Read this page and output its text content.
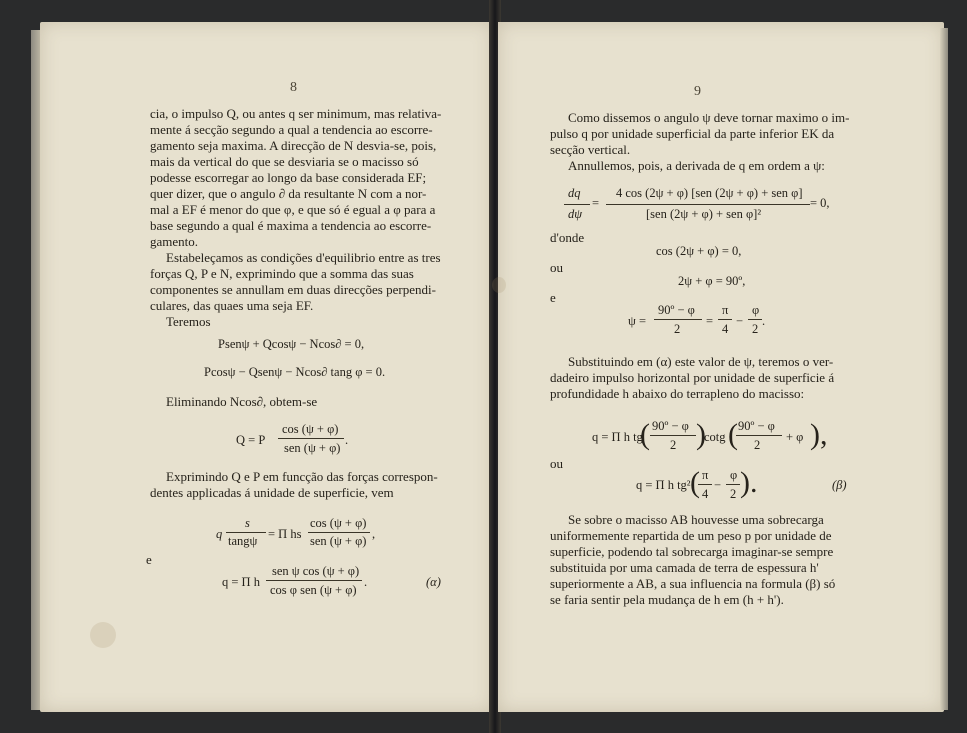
8
cia, o impulso Q, ou antes q ser minimum, mas relativa-
mente á secção segundo a qual a tendencia ao escorre-
gamento seja maxima. A direcção de N desvia-se, pois,
mais da vertical do que se desviaria se o macisso só
podesse escorregar ao longo da base considerada EF;
quer dizer, que o angulo ∂ da resultante N com a nor-
mal a EF é menor do que φ, e que só é egual a φ para a
base segundo a qual é maxima a tendencia ao escorre-
gamento.
Estabeleçamos as condições d'equilibrio entre as tres
forças Q, P e N, exprimindo que a somma das suas
componentes se annullam em duas direcções perpendi-
culares, das quaes uma seja EF.
Teremos
Psenψ + Qcosψ − Ncos∂ = 0,
Pcosψ − Qsenψ − Ncos∂ tang φ = 0.
Eliminando Ncos∂, obtem-se
Q = P
cos (ψ + φ)
sen (ψ + φ)
.
Exprimindo Q e P em funcção das forças correspon-
dentes applicadas á unidade de superficie, vem
q
s
tangψ = Π hs
cos (ψ + φ)
sen (ψ + φ) ,
e
q = Π h
sen ψ cos (ψ + φ)
cos φ sen (ψ + φ)
.	(α)
9
Como dissemos o angulo ψ deve tornar maximo o im-
pulso q por unidade superficial da parte inferior EK da
secção vertical.
Annullemos, pois, a derivada de q em ordem a ψ:
dq
dψ
=
4 cos (2ψ + φ) [sen (2ψ + φ) + sen φ]
[sen (2ψ + φ) + sen φ]²
= 0,
d'onde
cos (2ψ + φ) = 0,
ou
2ψ + φ = 90º,
e
ψ =
90º − φ
2
=
π
4
−
φ
2
.
Substituindo em (α) este valor de ψ, teremos o ver-
dadeiro impulso horizontal por unidade de superficie á
profundidade h abaixo do terrapleno do macisso:
q = Π h tg
( 90º − φ
2 )
cotg ( 90º − φ
2
+ φ ),
ou
q = Π h tg² ( π
4
−
φ
2 ).	(β)
Se sobre o macisso AB houvesse uma sobrecarga
uniformemente repartida de um peso p por unidade de
superficie, podendo tal sobrecarga imaginar-se sempre
substituida por uma camada de terra de espessura h'
superiormente a AB, a sua influencia na formula (β) só
se faria sentir pela mudança de h em (h + h').
